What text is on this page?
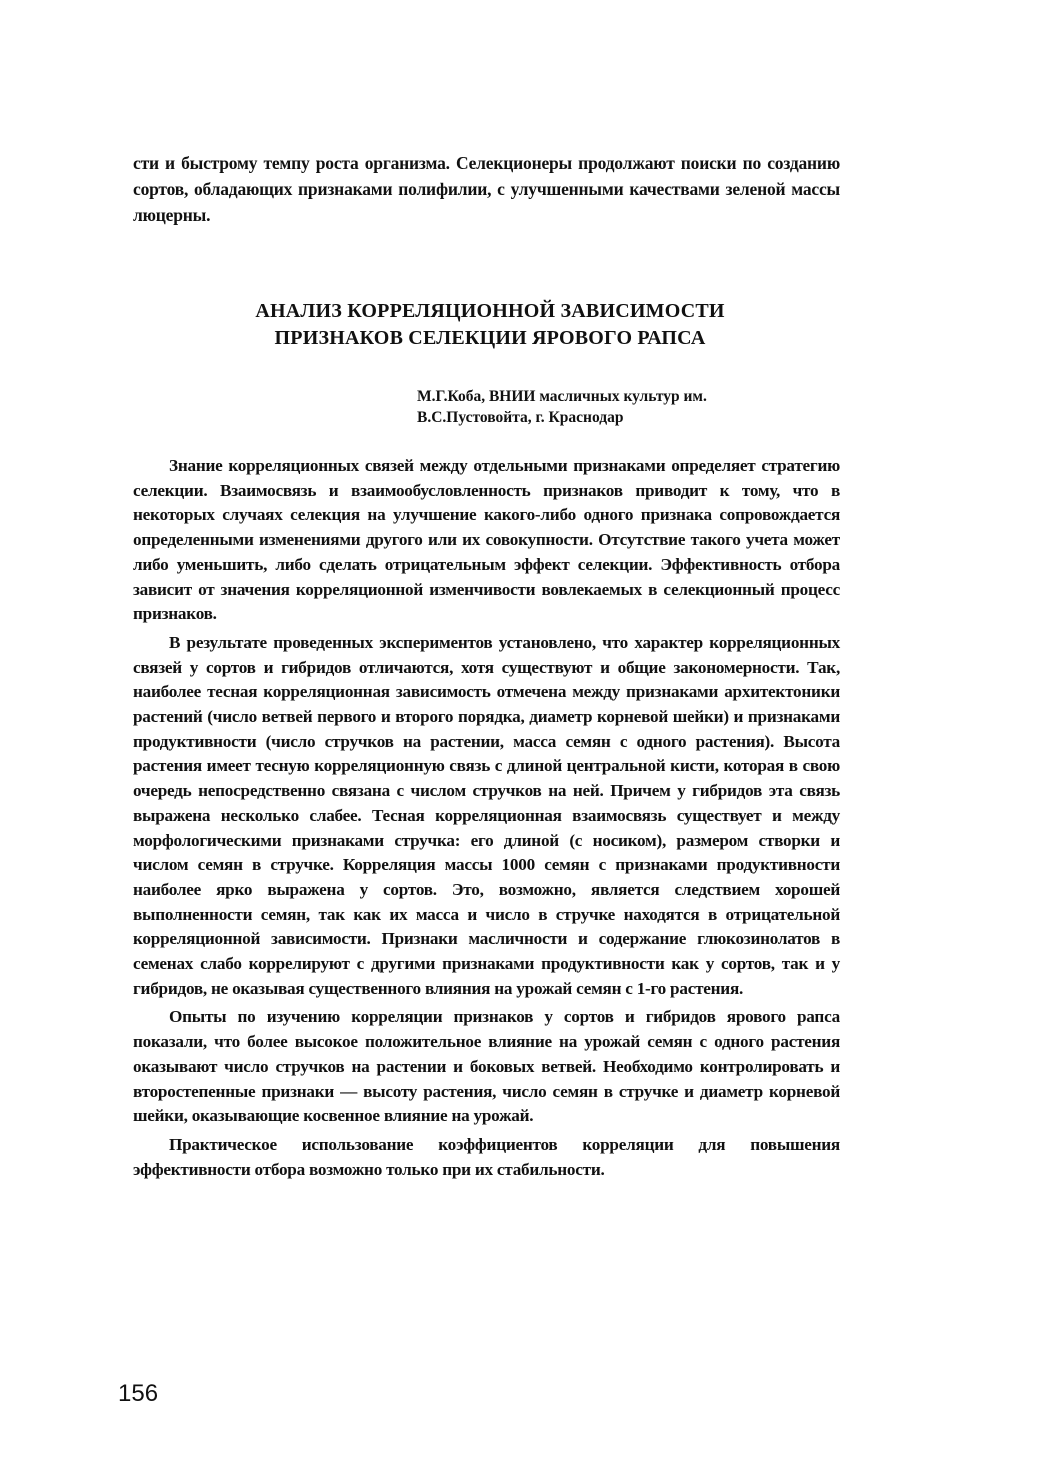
сти и быстрому темпу роста организма. Селекционеры продолжают поиски по созданию сортов, обладающих признаками полифилии, с улучшенными качествами зеленой массы люцерны.
АНАЛИЗ КОРРЕЛЯЦИОННОЙ ЗАВИСИМОСТИ
ПРИЗНАКОВ СЕЛЕКЦИИ ЯРОВОГО РАПСА
М.Г.Коба, ВНИИ масличных культур им.
В.С.Пустовойта, г. Краснодар

Знание корреляционных связей между отдельными признаками определяет стратегию селекции. Взаимосвязь и взаимообусловленность признаков приводит к тому, что в некоторых случаях селекция на улучшение какого-либо одного признака сопровождается определенными изменениями другого или их совокупности. Отсутствие такого учета может либо уменьшить, либо сделать отрицательным эффект селекции. Эффективность отбора зависит от значения корреляционной изменчивости вовлекаемых в селекционный процесс признаков.

В результате проведенных экспериментов установлено, что характер корреляционных связей у сортов и гибридов отличаются, хотя существуют и общие закономерности. Так, наиболее тесная корреляционная зависимость отмечена между признаками архитектоники растений (число ветвей первого и второго порядка, диаметр корневой шейки) и признаками продуктивности (число стручков на растении, масса семян с одного растения). Высота растения имеет тесную корреляционную связь с длиной центральной кисти, которая в свою очередь непосредственно связана с числом стручков на ней. Причем у гибридов эта связь выражена несколько слабее. Тесная корреляционная взаимосвязь существует и между морфологическими признаками стручка: его длиной (с носиком), размером створки и числом семян в стручке. Корреляция массы 1000 семян с признаками продуктивности наиболее ярко выражена у сортов. Это, возможно, является следствием хорошей выполненности семян, так как их масса и число в стручке находятся в отрицательной корреляционной зависимости. Признаки масличности и содержание глюкозинолатов в семенах слабо коррелируют с другими признаками продуктивности как у сортов, так и у гибридов, не оказывая существенного влияния на урожай семян с 1-го растения.

Опыты по изучению корреляции признаков у сортов и гибридов ярового рапса показали, что более высокое положительное влияние на урожай семян с одного растения оказывают число стручков на растении и боковых ветвей. Необходимо контролировать и второстепенные признаки — высоту растения, число семян в стручке и диаметр корневой шейки, оказывающие косвенное влияние на урожай.

Практическое использование коэффициентов корреляции для повышения эффективности отбора возможно только при их стабильности.

156
